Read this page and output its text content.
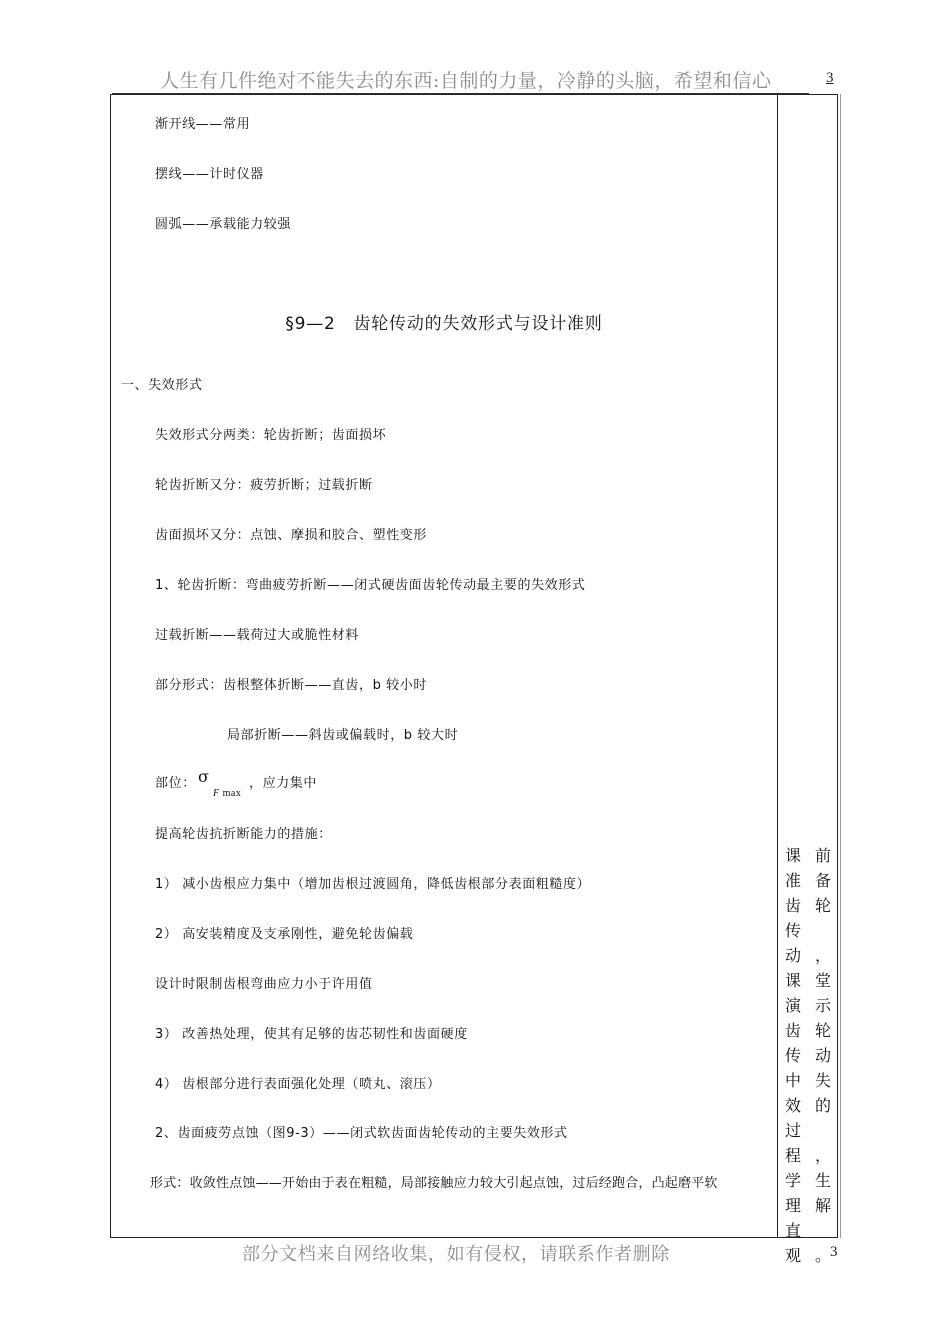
人生有几件绝对不能失去的东西:自制的力量，冷静的头脑，希望和信心	3
渐开线——常用
摆线——计时仪器
圆弧——承载能力较强
§9—2　齿轮传动的失效形式与设计准则
一、失效形式
失效形式分两类：轮齿折断；齿面损坏
轮齿折断又分：疲劳折断；过载折断
齿面损坏又分：点蚀、摩损和胶合、塑性变形
1、轮齿折断：弯曲疲劳折断——闭式硬齿面齿轮传动最主要的失效形式
过载折断——载荷过大或脆性材料
部分形式：齿根整体折断——直齿，b 较小时
局部折断——斜齿或偏载时，b 较大时
部位： σ
F max
，应力集中
提高轮齿抗折断能力的措施：
1） 减小齿根应力集中（增加齿根过渡圆角，降低齿根部分表面粗糙度）
2） 高安装精度及支承刚性，避免轮齿偏载
设计时限制齿根弯曲应力小于许用值
3） 改善热处理，使其有足够的齿芯韧性和齿面硬度
4） 齿根部分进行表面强化处理（喷丸、滚压）
2、齿面疲劳点蚀（图9-3）——闭式软齿面齿轮传动的主要失效形式
形式：收敛性点蚀——开始由于表在粗糙，局部接触应力较大引起点蚀，过后经跑合，凸起磨平软
课前准备齿轮传动，课堂演示齿轮传动中失效的过程，学生理解直观。
部分文档来自网络收集，如有侵权，请联系作者删除	3
